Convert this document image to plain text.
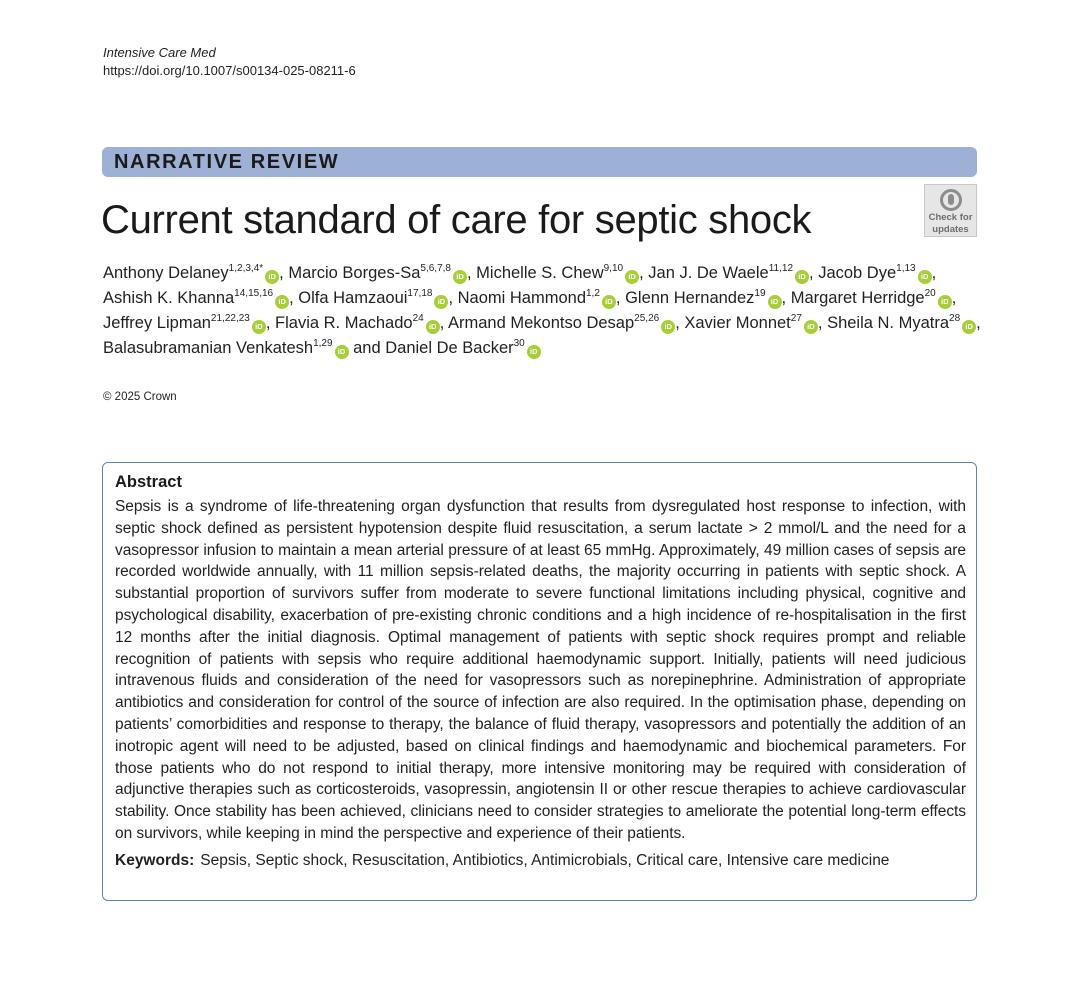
Intensive Care Med
https://doi.org/10.1007/s00134-025-08211-6
NARRATIVE REVIEW
Current standard of care for septic shock	Check for
updates
Anthony Delaney$^{1,2,3,4*}$iD , Marcio Borges-Sa$^{5,6,7,8}$iD , Michelle S. Chew$^{9,10}$iD , Jan J. De Waele$^{11,12}$iD , Jacob Dye$^{1,13}$iD , Ashish K. Khanna$^{14,15,16}$iD , Olfa Hamzaoui$^{17,18}$iD , Naomi Hammond$^{1,2}$iD , Glenn Hernandez$^{19}$iD , Margaret Herridge$^{20}$iD , Jeffrey Lipman$^{21,22,23}$iD , Flavia R. Machado$^{24}$iD , Armand Mekontso Desap$^{25,26}$iD , Xavier Monnet$^{27}$iD , Sheila N. Myatra$^{28}$iD , Balasubramanian Venkatesh$^{1,29}$iD and Daniel De Backer$^{30}$iD
© 2025 Crown
Abstract

Sepsis is a syndrome of life-threatening organ dysfunction that results from dysregulated host response to infection, with septic shock defined as persistent hypotension despite fluid resuscitation, a serum lactate > 2 mmol/L and the need for a vasopressor infusion to maintain a mean arterial pressure of at least 65 mmHg. Approximately, 49 million cases of sepsis are recorded worldwide annually, with 11 million sepsis-related deaths, the majority occurring in patients with septic shock. A substantial proportion of survivors suffer from moderate to severe functional limitations including physical, cognitive and psychological disability, exacerbation of pre-existing chronic conditions and a high incidence of re-hospitalisation in the first 12 months after the initial diagnosis. Optimal management of patients with septic shock requires prompt and reliable recognition of patients with sepsis who require additional haemodynamic support. Initially, patients will need judicious intravenous fluids and consideration of the need for vasopressors such as norepinephrine. Administration of appropriate antibiotics and consideration for control of the source of infection are also required. In the optimisation phase, depending on patients’ comorbidities and response to therapy, the balance of fluid therapy, vasopressors and potentially the addition of an inotropic agent will need to be adjusted, based on clinical findings and haemodynamic and biochemical parameters. For those patients who do not respond to initial therapy, more intensive monitoring may be required with consideration of adjunctive therapies such as corticosteroids, vasopressin, angiotensin II or other rescue therapies to achieve cardiovascular stability. Once stability has been achieved, clinicians need to consider strategies to ameliorate the potential long-term effects on survivors, while keeping in mind the perspective and experience of their patients.

Keywords: Sepsis, Septic shock, Resuscitation, Antibiotics, Antimicrobials, Critical care, Intensive care medicine
